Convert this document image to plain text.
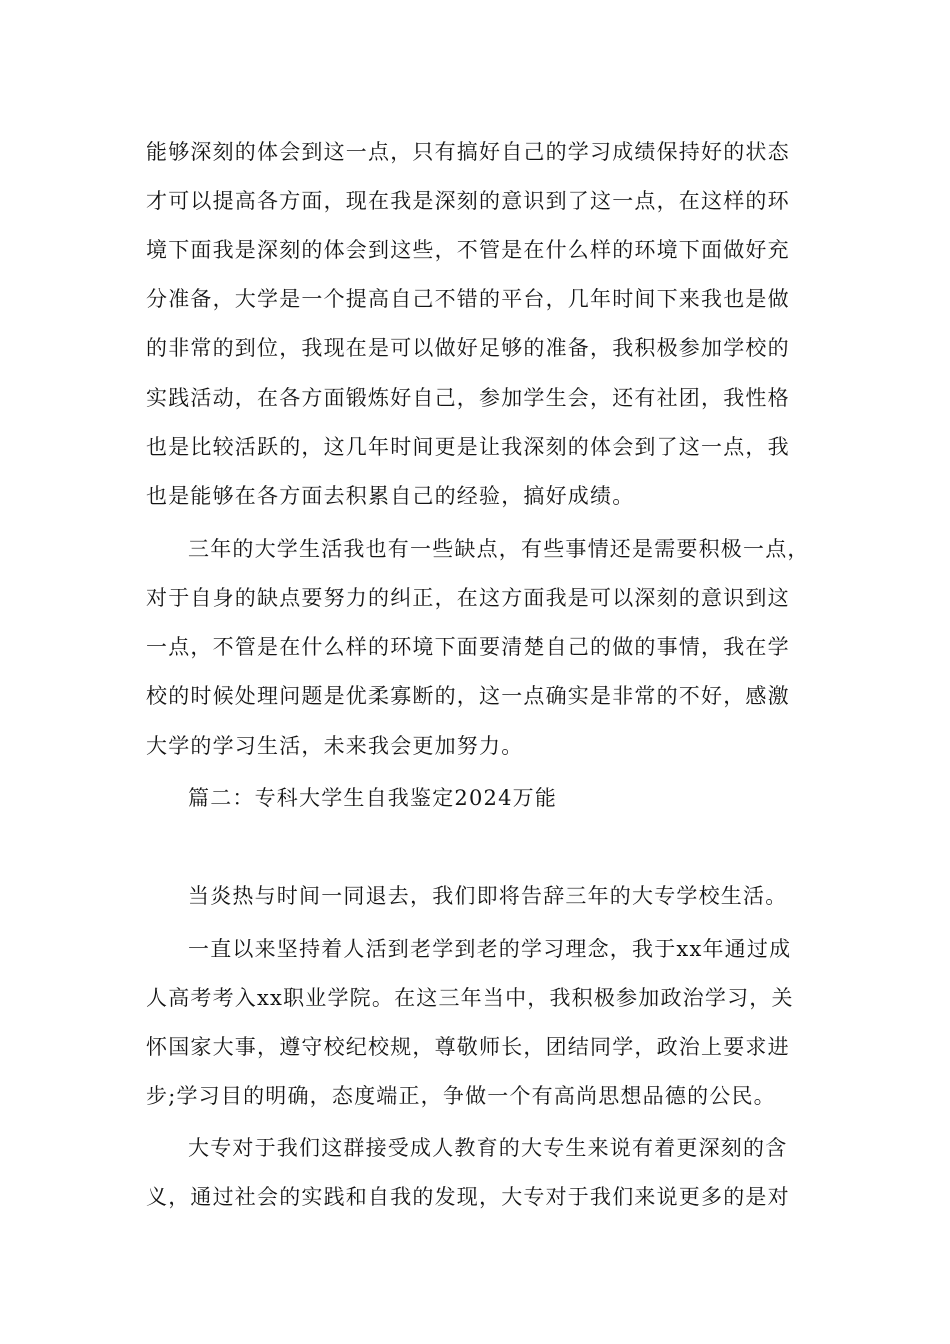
能够深刻的体会到这一点，只有搞好自己的学习成绩保持好的状态
才可以提高各方面，现在我是深刻的意识到了这一点，在这样的环
境下面我是深刻的体会到这些，不管是在什么样的环境下面做好充
分准备，大学是一个提高自己不错的平台，几年时间下来我也是做
的非常的到位，我现在是可以做好足够的准备，我积极参加学校的
实践活动，在各方面锻炼好自己，参加学生会，还有社团，我性格
也是比较活跃的，这几年时间更是让我深刻的体会到了这一点，我
也是能够在各方面去积累自己的经验，搞好成绩。
三年的大学生活我也有一些缺点，有些事情还是需要积极一点，
对于自身的缺点要努力的纠正，在这方面我是可以深刻的意识到这
一点，不管是在什么样的环境下面要清楚自己的做的事情，我在学
校的时候处理问题是优柔寡断的，这一点确实是非常的不好，感激
大学的学习生活，未来我会更加努力。
篇二：专科大学生自我鉴定2024万能
当炎热与时间一同退去，我们即将告辞三年的大专学校生活。
一直以来坚持着人活到老学到老的学习理念，我于xx年通过成
人高考考入xx职业学院。在这三年当中，我积极参加政治学习，关
怀国家大事，遵守校纪校规，尊敬师长，团结同学，政治上要求进
步;学习目的明确，态度端正，争做一个有高尚思想品德的公民。
大专对于我们这群接受成人教育的大专生来说有着更深刻的含
义，通过社会的实践和自我的发现，大专对于我们来说更多的是对
